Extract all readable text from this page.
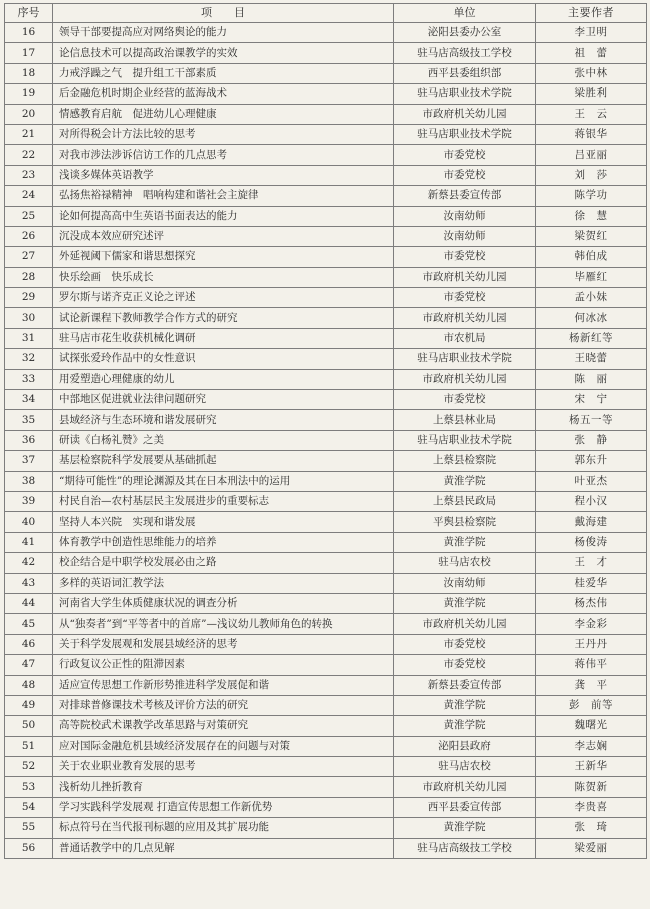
序号	项　　目	单位	主要作者
16	领导干部要提高应对网络舆论的能力	泌阳县委办公室	李卫明
17	论信息技术可以提高政治课教学的实效	驻马店高级技工学校	祖　蕾
18	力戒浮躁之气　提升组工干部素质	西平县委组织部	张中林
19	后金融危机时期企业经营的蓝海战术	驻马店职业技术学院	梁胜利
20	情感教育启航　促进幼儿心理健康	市政府机关幼儿园	王　云
21	对所得税会计方法比较的思考	驻马店职业技术学院	蒋银华
22	对我市涉法涉诉信访工作的几点思考	市委党校	吕亚丽
23	浅谈多媒体英语教学	市委党校	刘　莎
24	弘扬焦裕禄精神　唱响构建和谐社会主旋律	新蔡县委宣传部	陈学功
25	论如何提高高中生英语书面表达的能力	汝南幼师	徐　慧
26	沉没成本效应研究述评	汝南幼师	梁贺红
27	外延视阈下儒家和谐思想探究	市委党校	韩伯成
28	快乐绘画　快乐成长	市政府机关幼儿园	毕雁红
29	罗尔斯与诺齐克正义论之评述	市委党校	孟小妹
30	试论新课程下教师教学合作方式的研究	市政府机关幼儿园	何冰冰
31	驻马店市花生收获机械化调研	市农机局	杨新红等
32	试探张爱玲作品中的女性意识	驻马店职业技术学院	王晓蕾
33	用爱塑造心理健康的幼儿	市政府机关幼儿园	陈　丽
34	中部地区促进就业法律问题研究	市委党校	宋　宁
35	县域经济与生态环境和谐发展研究	上蔡县林业局	杨五一等
36	研读《白杨礼赞》之美	驻马店职业技术学院	张　静
37	基层检察院科学发展要从基础抓起	上蔡县检察院	郭东升
38	“期待可能性”的理论渊源及其在日本刑法中的运用	黄淮学院	叶亚杰
39	村民自治—农村基层民主发展进步的重要标志	上蔡县民政局	程小汉
40	坚持人本兴院　实现和谐发展	平舆县检察院	戴海建
41	体育教学中创造性思维能力的培养	黄淮学院	杨俊涛
42	校企结合是中职学校发展必由之路	驻马店农校	王　才
43	多样的英语词汇教学法	汝南幼师	桂爱华
44	河南省大学生体质健康状况的调查分析	黄淮学院	杨杰伟
45	从“独奏者”到“平等者中的首席”—浅议幼儿教师角色的转换	市政府机关幼儿园	李金彩
46	关于科学发展观和发展县域经济的思考	市委党校	王丹丹
47	行政复议公正性的阻滞因素	市委党校	蒋伟平
48	适应宣传思想工作新形势推进科学发展促和谐	新蔡县委宣传部	龚　平
49	对排球普修课技术考核及评价方法的研究	黄淮学院	彭　前等
50	高等院校武术课教学改革思路与对策研究	黄淮学院	魏曙光
51	应对国际金融危机县域经济发展存在的问题与对策	泌阳县政府	李志娴
52	关于农业职业教育发展的思考	驻马店农校	王新华
53	浅析幼儿挫折教育	市政府机关幼儿园	陈贺新
54	学习实践科学发展观 打造宣传思想工作新优势	西平县委宣传部	李贵喜
55	标点符号在当代报刊标题的应用及其扩展功能	黄淮学院	张　琦
56	普通话教学中的几点见解	驻马店高级技工学校	梁爱丽
